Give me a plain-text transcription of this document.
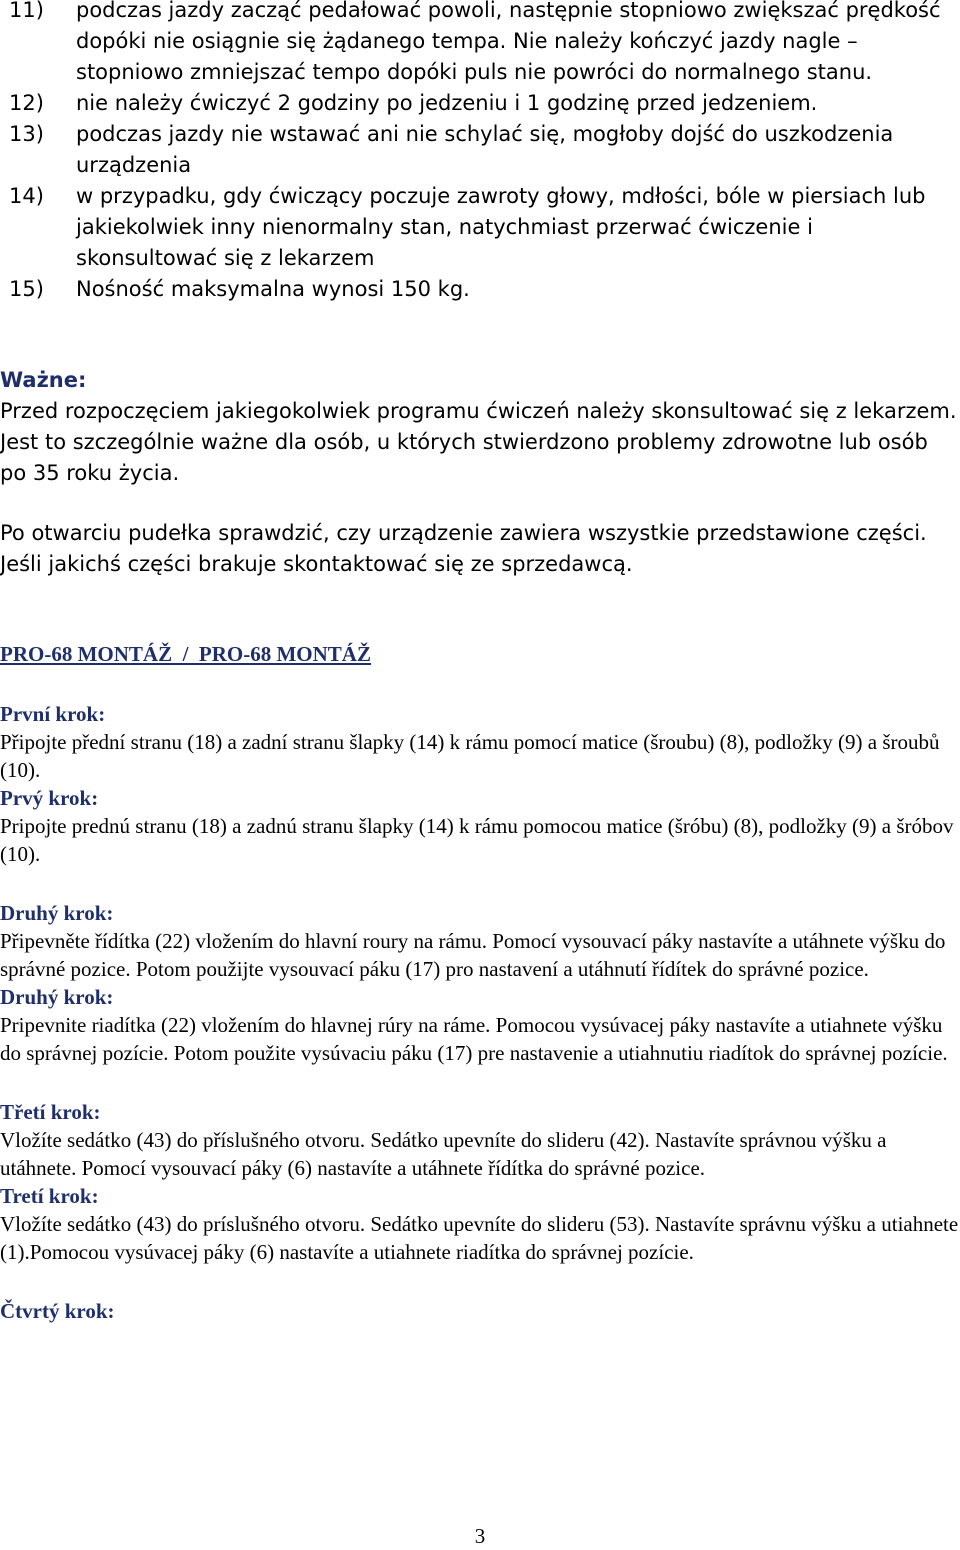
11)	podczas jazdy zacząć pedałować powoli, następnie stopniowo zwiększać prędkość dopóki nie osiągnie się żądanego tempa. Nie należy kończyć jazdy nagle – stopniowo zmniejszać tempo dopóki puls nie powróci do normalnego stanu.
12)	nie należy ćwiczyć 2 godziny po jedzeniu i 1 godzinę przed jedzeniem.
13)	podczas jazdy nie wstawać ani nie schylać się, mogłoby dojść do uszkodzenia urządzenia
14)	w przypadku, gdy ćwiczący poczuje zawroty głowy, mdłości, bóle w piersiach lub jakiekolwiek inny nienormalny stan, natychmiast przerwać ćwiczenie i skonsultować się z lekarzem
15)	Nośność maksymalna wynosi 150 kg.

Ważne:

Przed rozpoczęciem jakiegokolwiek programu ćwiczeń należy skonsultować się z lekarzem. Jest to szczególnie ważne dla osób, u których stwierdzono problemy zdrowotne lub osób po 35 roku życia.

Po otwarciu pudełka sprawdzić, czy urządzenie zawiera wszystkie przedstawione części. Jeśli jakichś części brakuje skontaktować się ze sprzedawcą.

PRO-68 MONTÁŽ  /  PRO-68 MONTÁŽ

První krok:

Připojte přední stranu (18) a zadní stranu šlapky (14) k rámu pomocí matice (šroubu) (8), podložky (9) a šroubů (10).

Prvý krok:

Pripojte prednú stranu (18) a zadnú stranu šlapky (14) k rámu pomocou matice (šróbu) (8), podložky (9) a šróbov (10).

Druhý krok:

Připevněte řídítka (22) vložením do hlavní roury na rámu. Pomocí vysouvací páky nastavíte a utáhnete výšku do správné pozice. Potom použijte vysouvací páku (17) pro nastavení a utáhnutí řídítek do správné pozice.

Druhý krok:

Pripevnite riadítka (22) vložením do hlavnej rúry na ráme. Pomocou vysúvacej páky nastavíte a utiahnete výšku do správnej pozície. Potom použite vysúvaciu páku (17) pre nastavenie a utiahnutiu riadítok do správnej pozície.

Třetí krok:

Vložíte sedátko (43) do příslušného otvoru. Sedátko upevníte do slideru (42). Nastavíte správnou výšku a utáhnete. Pomocí vysouvací páky (6) nastavíte a utáhnete řídítka do správné pozice.

Tretí krok:

Vložíte sedátko (43) do príslušného otvoru. Sedátko upevníte do slideru (53). Nastavíte správnu výšku a utiahnete (1).Pomocou vysúvacej páky (6) nastavíte a utiahnete riadítka do správnej pozície.

Čtvrtý krok:

3
